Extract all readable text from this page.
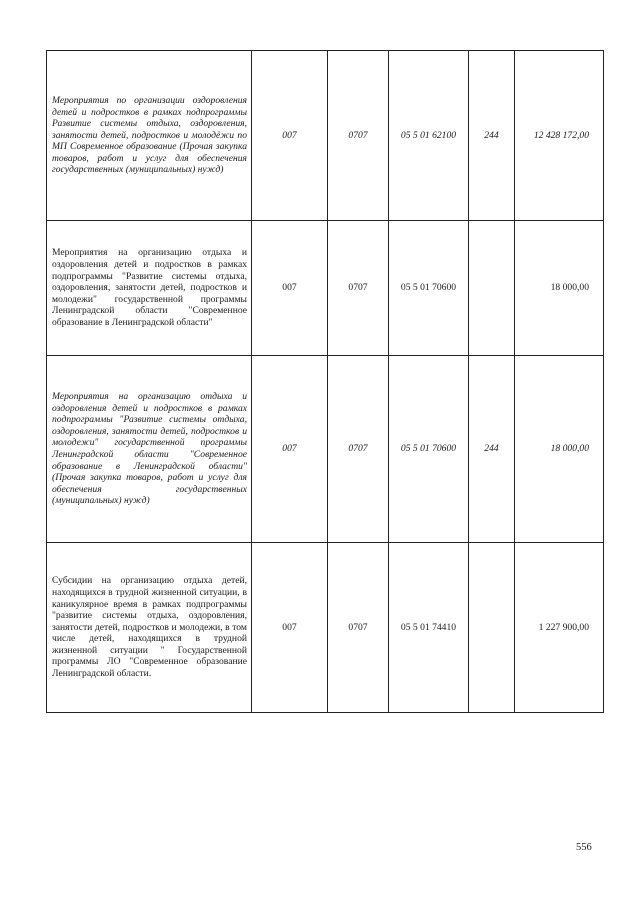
Мероприятия по организации оздоровления детей и подростков в рамках подпрограммы Развитие системы отдыха, оздоровления, занятости детей, подростков и молодёжи по МП Современное образование (Прочая закупка товаров, работ и услуг для обеспечения государственных (муниципальных) нужд)	007	0707	05 5 01 62100	244	12 428 172,00
Мероприятия на организацию отдыха и оздоровления детей и подростков в рамках подпрограммы "Развитие системы отдыха, оздоровления, занятости детей, подростков и молодежи" государственной программы Ленинградской области "Современное образование в Ленинградской области"	007	0707	05 5 01 70600		18 000,00
Мероприятия на организацию отдыха и оздоровления детей и подростков в рамках подпрограммы "Развитие системы отдыха, оздоровления, занятости детей, подростков и молодежи" государственной программы Ленинградской области "Современное образование в Ленинградской области" (Прочая закупка товаров, работ и услуг для обеспечения государственных (муниципальных) нужд)	007	0707	05 5 01 70600	244	18 000,00
Субсидии на организацию отдыха детей, находящихся в трудной жизненной ситуации, в каникулярное время в рамках подпрограммы "развитие системы отдыха, оздоровления, занятости детей, подростков и молодежи, в том числе детей, находящихся в трудной жизненной ситуации " Государственной программы ЛО "Современное образование Ленинградской области.	007	0707	05 5 01 74410		1 227 900,00
556
